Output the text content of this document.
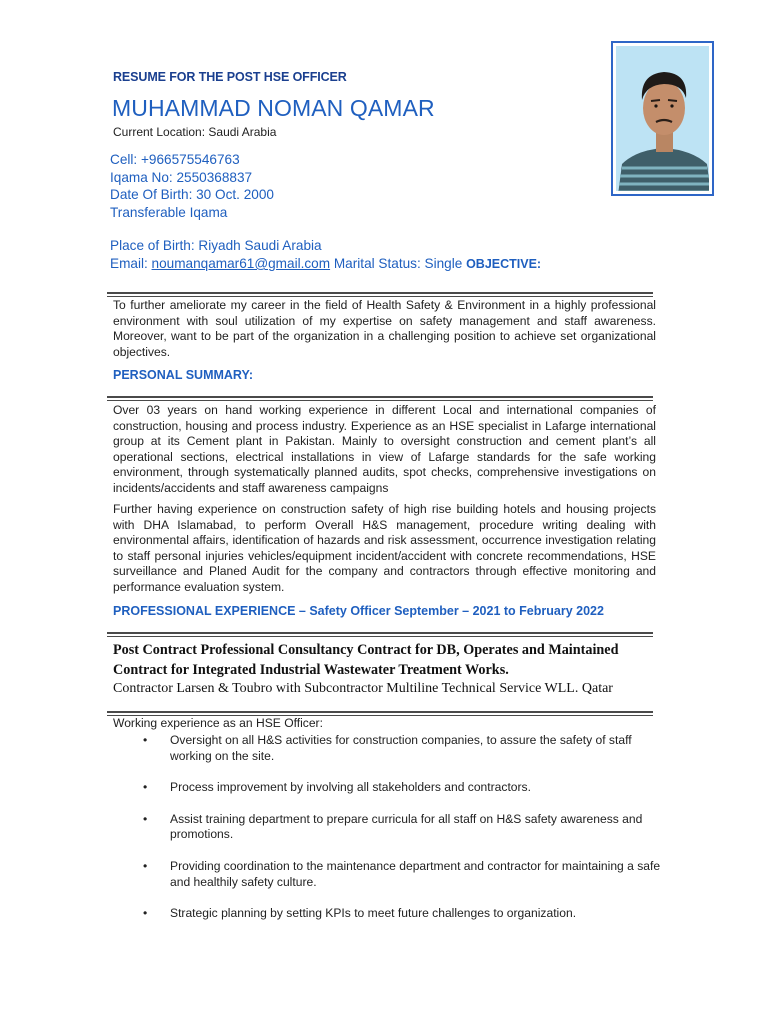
RESUME FOR THE POST HSE OFFICER
MUHAMMAD NOMAN QAMAR
Current Location: Saudi Arabia
Cell: +966575546763
Iqama No: 2550368837
Date Of Birth: 30 Oct. 2000
Transferable Iqama
Place of Birth: Riyadh Saudi Arabia
Email: noumanqamar61@gmail.com Marital Status: Single OBJECTIVE:
To further ameliorate my career in the field of Health Safety & Environment in a highly professional environment with soul utilization of my expertise on safety management and staff awareness. Moreover, want to be part of the organization in a challenging position to achieve set organizational objectives.
PERSONAL SUMMARY:
Over 03 years on hand working experience in different Local and international companies of construction, housing and process industry. Experience as an HSE specialist in Lafarge international group at its Cement plant in Pakistan. Mainly to oversight construction and cement plant’s all operational sections, electrical installations in view of Lafarge standards for the safe working environment, through systematically planned audits, spot checks, comprehensive investigations on incidents/accidents and staff awareness campaigns
Further having experience on construction safety of high rise building hotels and housing projects with DHA Islamabad, to perform Overall H&S management, procedure writing dealing with environmental affairs, identification of hazards and risk assessment, occurrence investigation relating to staff personal injuries vehicles/equipment incident/accident with concrete recommendations, HSE surveillance and Planed Audit for the company and contractors through effective monitoring and performance evaluation system.
PROFESSIONAL EXPERIENCE – Safety Officer September – 2021 to February 2022
Post Contract Professional Consultancy Contract for DB, Operates and Maintained Contract for Integrated Industrial Wastewater Treatment Works.
Contractor Larsen & Toubro with Subcontractor Multiline Technical Service WLL. Qatar
Working experience as an HSE Officer:
• Oversight on all H&S activities for construction companies, to assure the safety of staff working on the site.
• Process improvement by involving all stakeholders and contractors.
• Assist training department to prepare curricula for all staff on H&S safety awareness and promotions.
• Providing coordination to the maintenance department and contractor for maintaining a safe and healthily safety culture.
• Strategic planning by setting KPIs to meet future challenges to organization.
